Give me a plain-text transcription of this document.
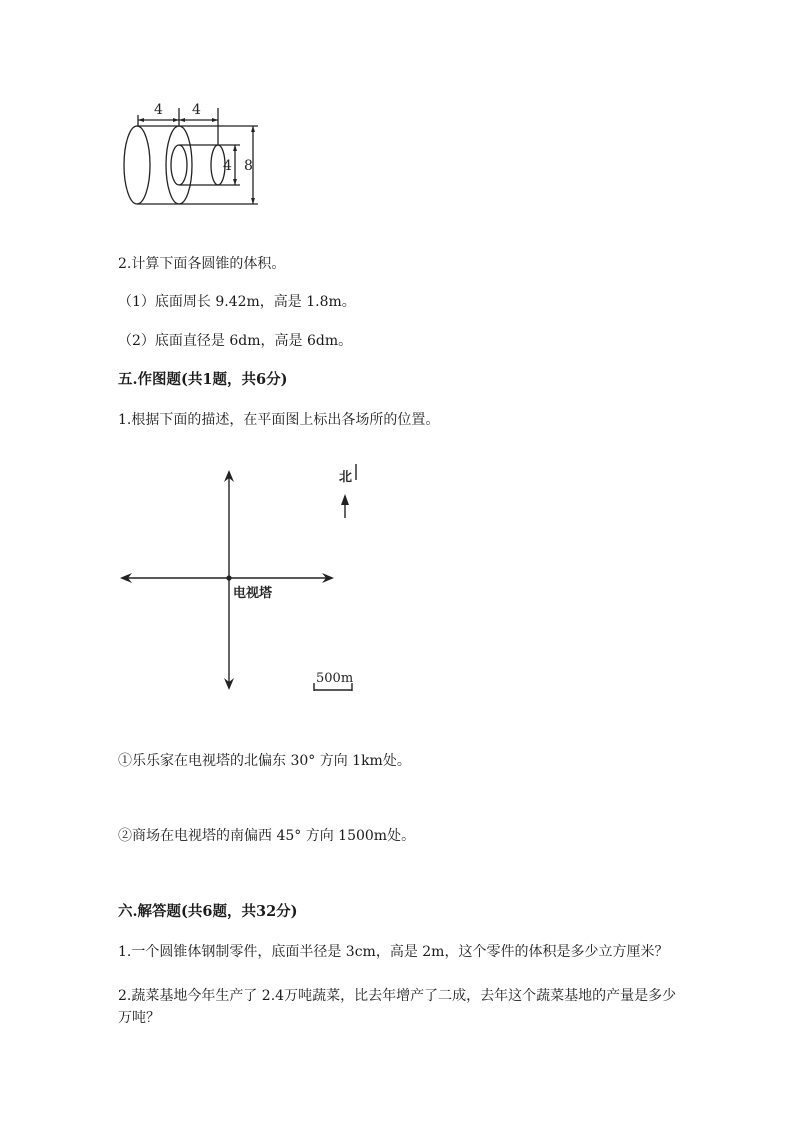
4 4
4 8
2.计算下面各圆锥的体积。
（1）底面周长 9.42m，高是 1.8m。
（2）底面直径是 6dm，高是 6dm。
五.作图题(共1题，共6分)
1.根据下面的描述，在平面图上标出各场所的位置。
北
电视塔
500m
①乐乐家在电视塔的北偏东 30° 方向 1km处。
②商场在电视塔的南偏西 45° 方向 1500m处。
六.解答题(共6题，共32分)
1.一个圆锥体钢制零件，底面半径是 3cm，高是 2m，这个零件的体积是多少立方厘米？
2.蔬菜基地今年生产了 2.4万吨蔬菜，比去年增产了二成，去年这个蔬菜基地的产量是多少万吨？
